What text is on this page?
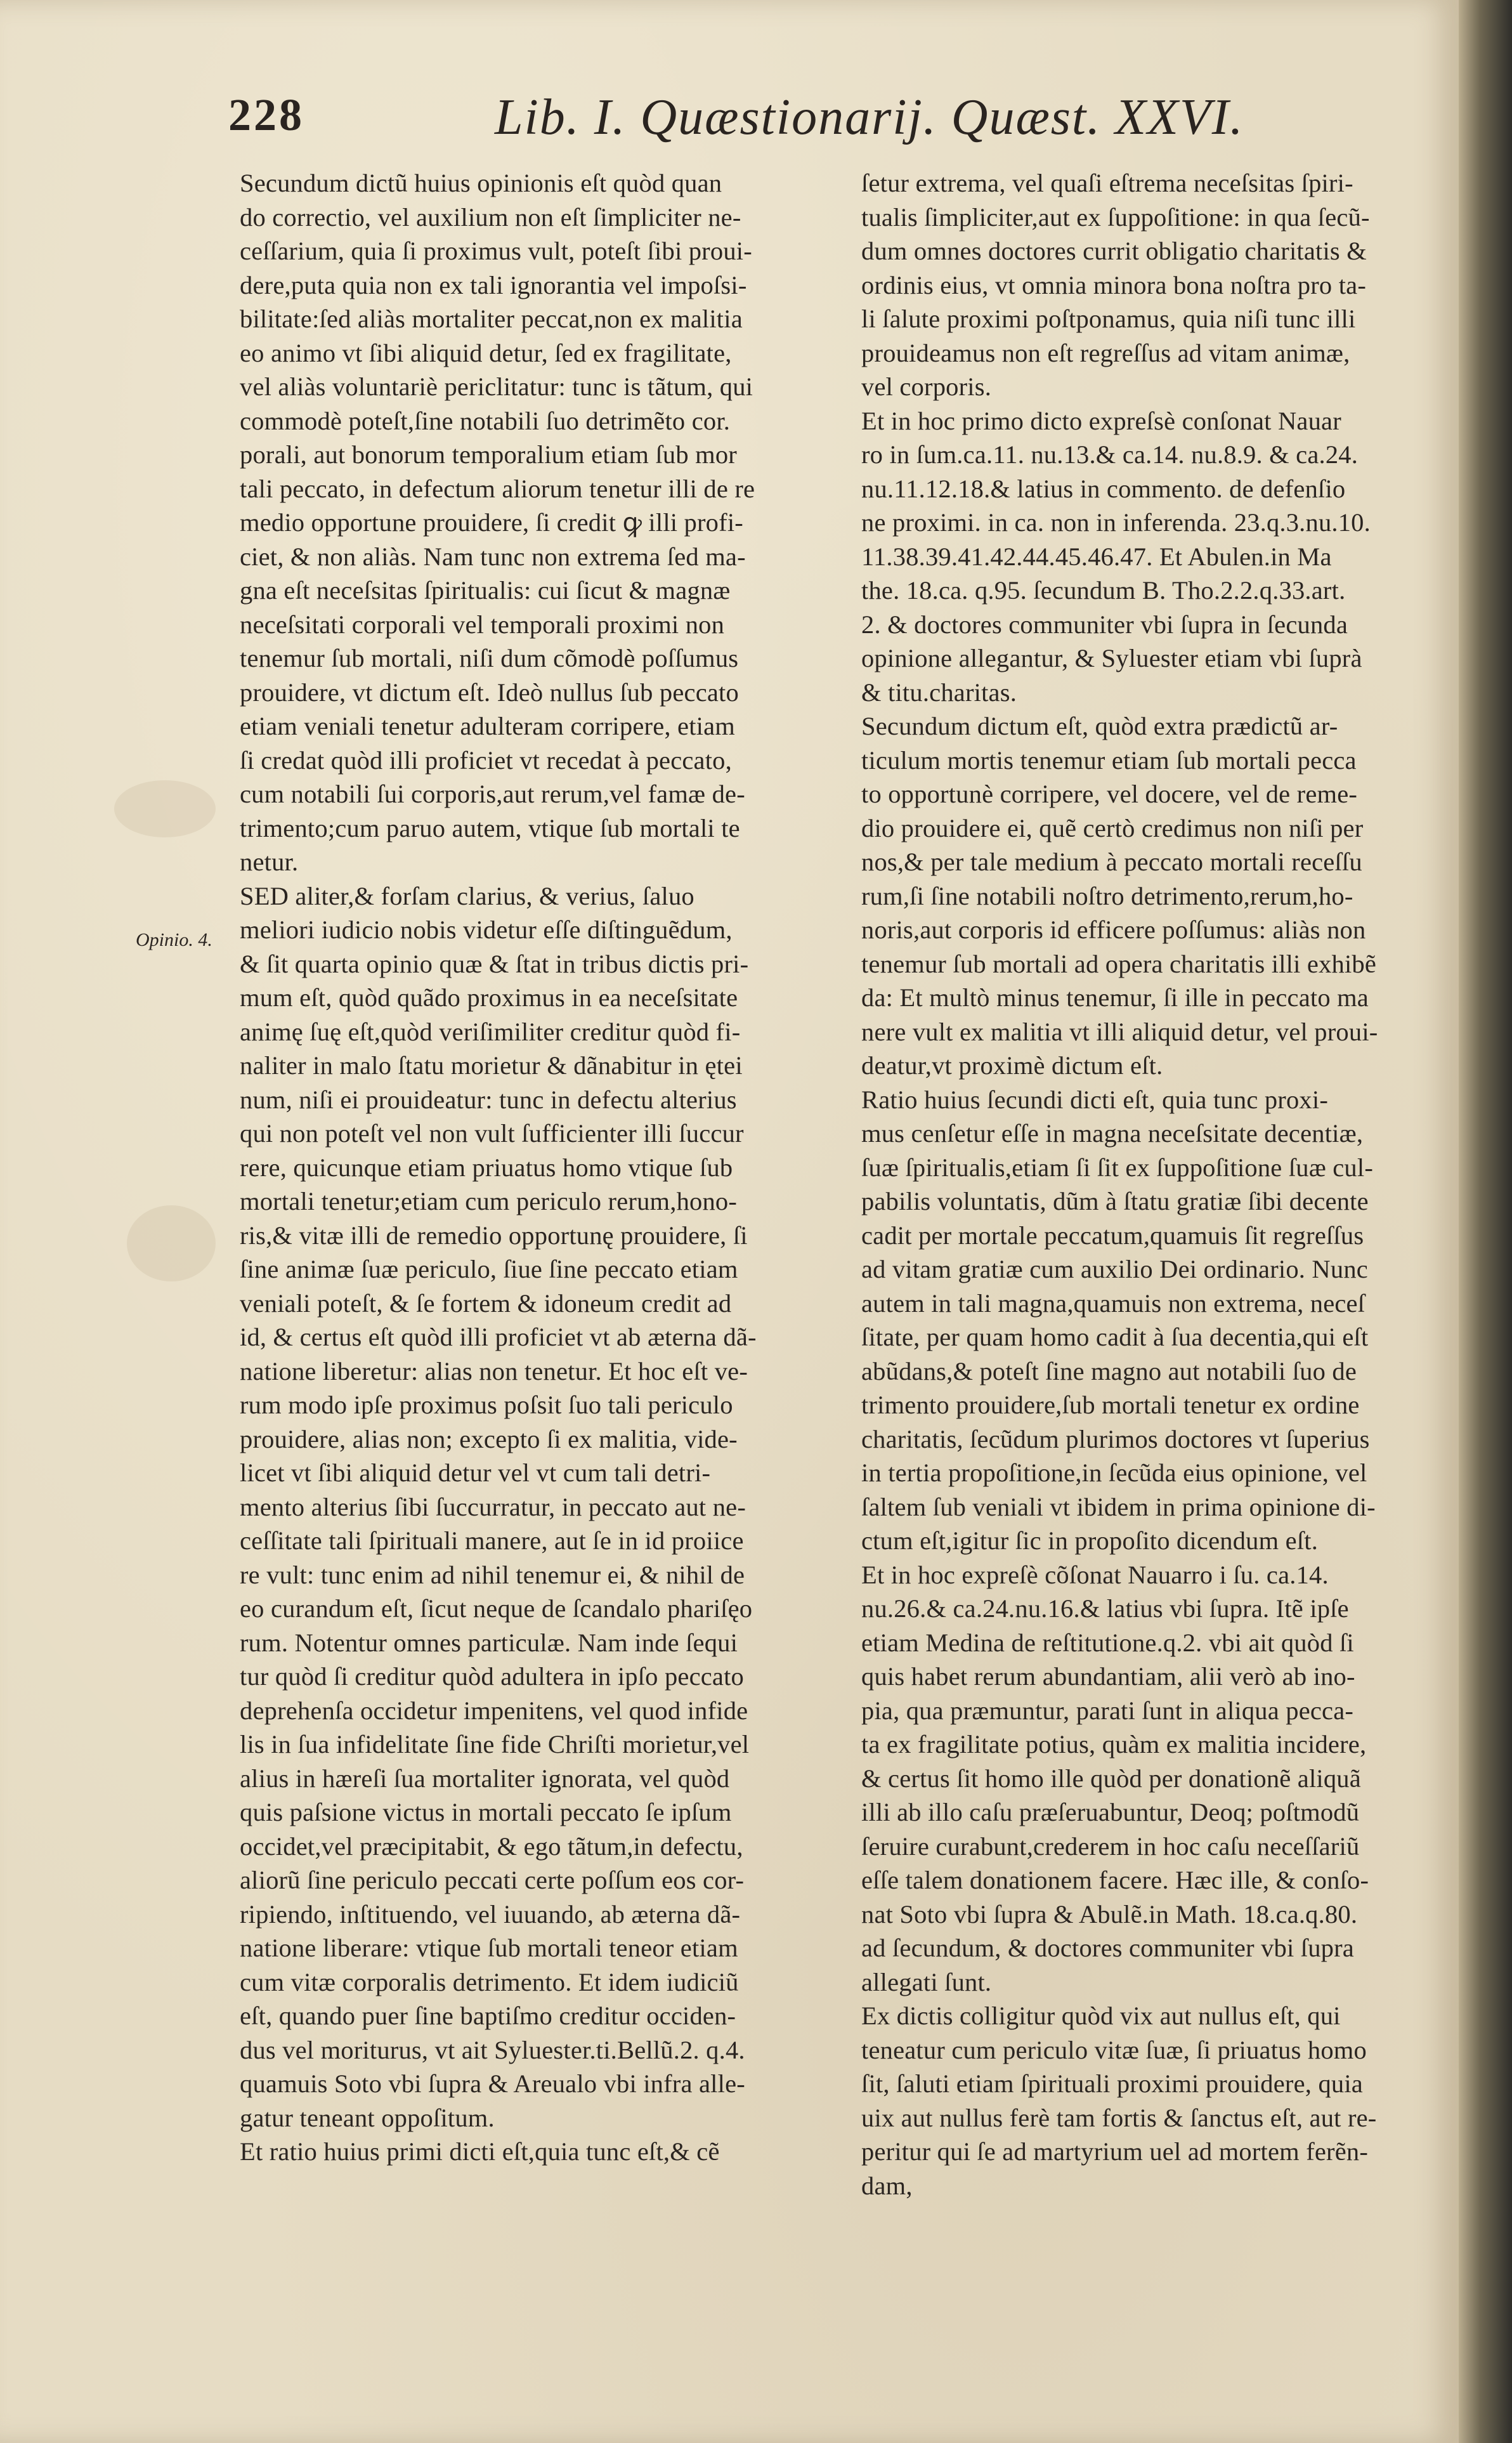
228	Lib. I. Quæstionarij. Quæst. XXVI.
Opinio. 4.
Secundum dictũ huius opinionis eſt quòd quan
do correctio, vel auxilium non eſt ſimpliciter ne-
ceſſarium, quia ſi proximus vult, poteſt ſibi proui-
dere,puta quia non ex tali ignorantia vel impoſsi-
bilitate:ſed aliàs mortaliter peccat,non ex malitia
eo animo vt ſibi aliquid detur, ſed ex fragilitate,
vel aliàs voluntariè periclitatur: tunc is tãtum, qui
commodè poteſt,ſine notabili ſuo detrimẽto cor.
porali, aut bonorum temporalium etiam ſub mor
tali peccato, in defectum aliorum tenetur illi de re
medio opportune prouidere, ſi credit ꝙ illi profi-
ciet, & non aliàs. Nam tunc non extrema ſed ma-
gna eſt neceſsitas ſpiritualis: cui ſicut & magnæ
neceſsitati corporali vel temporali proximi non
tenemur ſub mortali, niſi dum cõmodè poſſumus
prouidere, vt dictum eſt. Ideò nullus ſub peccato
etiam veniali tenetur adulteram corripere, etiam
ſi credat quòd illi proficiet vt recedat à peccato,
cum notabili ſui corporis,aut rerum,vel famæ de-
trimento;cum paruo autem, vtique ſub mortali te
netur.
SED aliter,& forſam clarius, & verius, ſaluo
meliori iudicio nobis videtur eſſe diſtinguẽdum,
& ſit quarta opinio quæ & ſtat in tribus dictis pri-
mum eſt, quòd quãdo proximus in ea neceſsitate
animę ſuę eſt,quòd veriſimiliter creditur quòd fi-
naliter in malo ſtatu morietur & dãnabitur in ętei
num, niſi ei prouideatur: tunc in defectu alterius
qui non poteſt vel non vult ſufficienter illi ſuccur
rere, quicunque etiam priuatus homo vtique ſub
mortali tenetur;etiam cum periculo rerum,hono-
ris,& vitæ illi de remedio opportunę prouidere, ſi
ſine animæ ſuæ periculo, ſiue ſine peccato etiam
veniali poteſt, & ſe fortem & idoneum credit ad
id, & certus eſt quòd illi proficiet vt ab æterna dã-
natione liberetur: alias non tenetur. Et hoc eſt ve-
rum modo ipſe proximus poſsit ſuo tali periculo
prouidere, alias non; excepto ſi ex malitia, vide-
licet vt ſibi aliquid detur vel vt cum tali detri-
mento alterius ſibi ſuccurratur, in peccato aut ne-
ceſſitate tali ſpirituali manere, aut ſe in id proiice
re vult: tunc enim ad nihil tenemur ei, & nihil de
eo curandum eſt, ſicut neque de ſcandalo phariſęo
rum. Notentur omnes particulæ. Nam inde ſequi
tur quòd ſi creditur quòd adultera in ipſo peccato
deprehenſa occidetur impenitens, vel quod infide
lis in ſua infidelitate ſine fide Chriſti morietur,vel
alius in hæreſi ſua mortaliter ignorata, vel quòd
quis paſsione victus in mortali peccato ſe ipſum
occidet,vel præcipitabit, & ego tãtum,in defectu,
aliorũ ſine periculo peccati certe poſſum eos cor-
ripiendo, inſtituendo, vel iuuando, ab æterna dã-
natione liberare: vtique ſub mortali teneor etiam
cum vitæ corporalis detrimento. Et idem iudiciũ
eſt, quando puer ſine baptiſmo creditur occiden-
dus vel moriturus, vt ait Syluester.ti.Bellũ.2. q.4.
quamuis Soto vbi ſupra & Areualo vbi infra alle-
gatur teneant oppoſitum.
Et ratio huius primi dicti eſt,quia tunc eſt,& cẽ
ſetur extrema, vel quaſi eſtrema neceſsitas ſpiri-
tualis ſimpliciter,aut ex ſuppoſitione: in qua ſecũ-
dum omnes doctores currit obligatio charitatis &
ordinis eius, vt omnia minora bona noſtra pro ta-
li ſalute proximi poſtponamus, quia niſi tunc illi
prouideamus non eſt regreſſus ad vitam animæ,
vel corporis.
Et in hoc primo dicto expreſsè conſonat Nauar
ro in ſum.ca.11. nu.13.& ca.14. nu.8.9. & ca.24.
nu.11.12.18.& latius in commento. de defenſio
ne proximi. in ca. non in inferenda. 23.q.3.nu.10.
11.38.39.41.42.44.45.46.47. Et Abulen.in Ma
the. 18.ca. q.95. ſecundum B. Tho.2.2.q.33.art.
2. & doctores communiter vbi ſupra in ſecunda
opinione allegantur, & Syluester etiam vbi ſuprà
& titu.charitas.
Secundum dictum eſt, quòd extra prædictũ ar-
ticulum mortis tenemur etiam ſub mortali pecca
to opportunè corripere, vel docere, vel de reme-
dio prouidere ei, quẽ certò credimus non niſi per
nos,& per tale medium à peccato mortali receſſu
rum,ſi ſine notabili noſtro detrimento,rerum,ho-
noris,aut corporis id efficere poſſumus: aliàs non
tenemur ſub mortali ad opera charitatis illi exhibẽ
da: Et multò minus tenemur, ſi ille in peccato ma
nere vult ex malitia vt illi aliquid detur, vel proui-
deatur,vt proximè dictum eſt.
Ratio huius ſecundi dicti eſt, quia tunc proxi-
mus cenſetur eſſe in magna neceſsitate decentiæ,
ſuæ ſpiritualis,etiam ſi ſit ex ſuppoſitione ſuæ cul-
pabilis voluntatis, dũm à ſtatu gratiæ ſibi decente
cadit per mortale peccatum,quamuis ſit regreſſus
ad vitam gratiæ cum auxilio Dei ordinario. Nunc
autem in tali magna,quamuis non extrema, neceſ
ſitate, per quam homo cadit à ſua decentia,qui eſt
abũdans,& poteſt ſine magno aut notabili ſuo de
trimento prouidere,ſub mortali tenetur ex ordine
charitatis, ſecũdum plurimos doctores vt ſuperius
in tertia propoſitione,in ſecũda eius opinione, vel
ſaltem ſub veniali vt ibidem in prima opinione di-
ctum eſt,igitur ſic in propoſito dicendum eſt.
Et in hoc expreſè cõſonat Nauarro i ſu. ca.14.
nu.26.& ca.24.nu.16.& latius vbi ſupra. Itẽ ipſe
etiam Medina de reſtitutione.q.2. vbi ait quòd ſi
quis habet rerum abundantiam, alii verò ab ino-
pia, qua præmuntur, parati ſunt in aliqua pecca-
ta ex fragilitate potius, quàm ex malitia incidere,
& certus ſit homo ille quòd per donationẽ aliquã
illi ab illo caſu præſeruabuntur, Deoq; poſtmodũ
ſeruire curabunt,crederem in hoc caſu neceſſariũ
eſſe talem donationem facere. Hæc ille, & conſo-
nat Soto vbi ſupra & Abulẽ.in Math. 18.ca.q.80.
ad ſecundum, & doctores communiter vbi ſupra
allegati ſunt.
Ex dictis colligitur quòd vix aut nullus eſt, qui
teneatur cum periculo vitæ ſuæ, ſi priuatus homo
ſit, ſaluti etiam ſpirituali proximi prouidere, quia
uix aut nullus ferè tam fortis & ſanctus eſt, aut re-
peritur qui ſe ad martyrium uel ad mortem ferẽn-
dam,
